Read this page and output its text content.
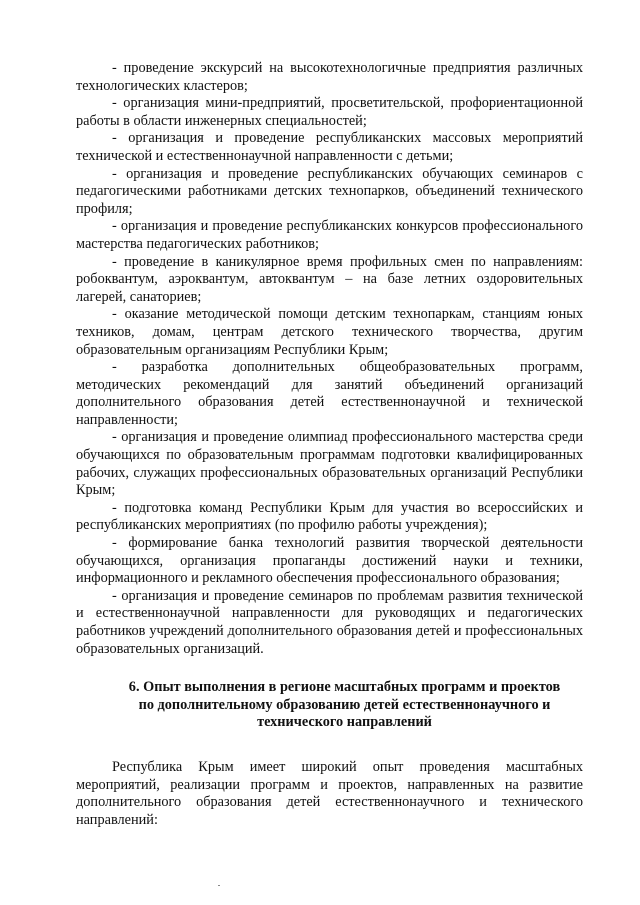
- проведение экскурсий на высокотехнологичные предприятия различных технологических кластеров;

- организация мини-предприятий, просветительской, профориентационной работы в области инженерных специальностей;

- организация и проведение республиканских массовых мероприятий технической и естественнонаучной направленности с детьми;

- организация и проведение республиканских обучающих семинаров с педагогическими работниками детских технопарков, объединений технического профиля;

- организация и проведение республиканских конкурсов профессионального мастерства педагогических работников;

- проведение в каникулярное время профильных смен по направлениям: робоквантум, аэроквантум, автоквантум – на базе летних оздоровительных лагерей, санаториев;

- оказание методической помощи детским технопаркам, станциям юных техников, домам, центрам детского технического творчества, другим образовательным организациям Республики Крым;

- разработка дополнительных общеобразовательных программ, методических рекомендаций для занятий объединений организаций дополнительного образования детей естественнонаучной и технической направленности;

- организация и проведение олимпиад профессионального мастерства среди обучающихся по образовательным программам подготовки квалифицированных рабочих, служащих профессиональных образовательных организаций Республики Крым;

- подготовка команд Республики Крым для участия во всероссийских и республиканских мероприятиях (по профилю работы учреждения);

- формирование банка технологий развития творческой деятельности обучающихся, организация пропаганды достижений науки и техники, информационного и рекламного обеспечения профессионального образования;

- организация и проведение семинаров по проблемам развития технической и естественнонаучной направленности для руководящих и педагогических работников учреждений дополнительного образования детей и профессиональных образовательных организаций.

6. Опыт выполнения в регионе масштабных программ и проектов
по дополнительному образованию детей естественнонаучного и
технического направлений

Республика Крым имеет широкий опыт проведения масштабных мероприятий, реализации программ и проектов, направленных на развитие дополнительного образования детей естественнонаучного и технического направлений:
